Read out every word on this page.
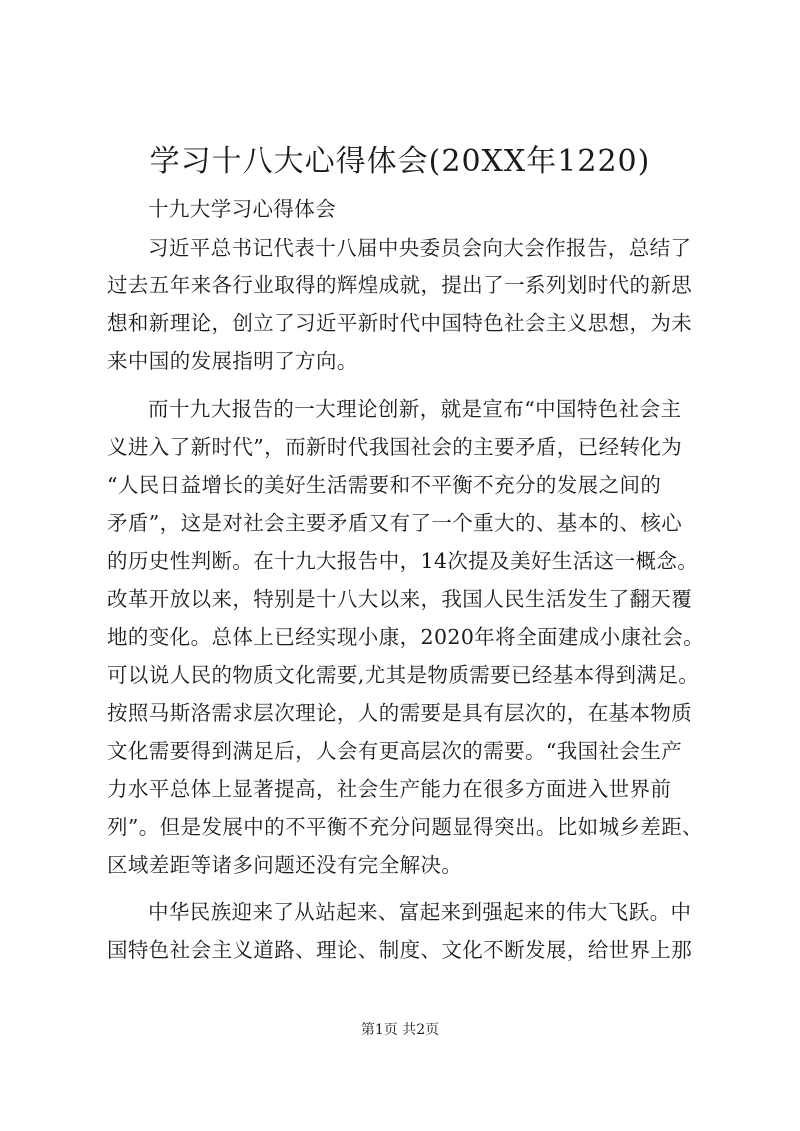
学习十八大心得体会(20XX年1220)
十九大学习心得体会
习近平总书记代表十八届中央委员会向大会作报告，总结了
过去五年来各行业取得的辉煌成就，提出了一系列划时代的新思
想和新理论，创立了习近平新时代中国特色社会主义思想，为未
来中国的发展指明了方向。
而十九大报告的一大理论创新，就是宣布“中国特色社会主
义进入了新时代”，而新时代我国社会的主要矛盾，已经转化为
“人民日益增长的美好生活需要和不平衡不充分的发展之间的
矛盾”，这是对社会主要矛盾又有了一个重大的、基本的、核心
的历史性判断。在十九大报告中，14次提及美好生活这一概念。
改革开放以来，特别是十八大以来，我国人民生活发生了翻天覆
地的变化。总体上已经实现小康，2020年将全面建成小康社会。
可以说人民的物质文化需要,尤其是物质需要已经基本得到满足。
按照马斯洛需求层次理论，人的需要是具有层次的，在基本物质
文化需要得到满足后，人会有更高层次的需要。“我国社会生产
力水平总体上显著提高，社会生产能力在很多方面进入世界前
列”。但是发展中的不平衡不充分问题显得突出。比如城乡差距、
区域差距等诸多问题还没有完全解决。
中华民族迎来了从站起来、富起来到强起来的伟大飞跃。中
国特色社会主义道路、理论、制度、文化不断发展，给世界上那
第1页 共2页
